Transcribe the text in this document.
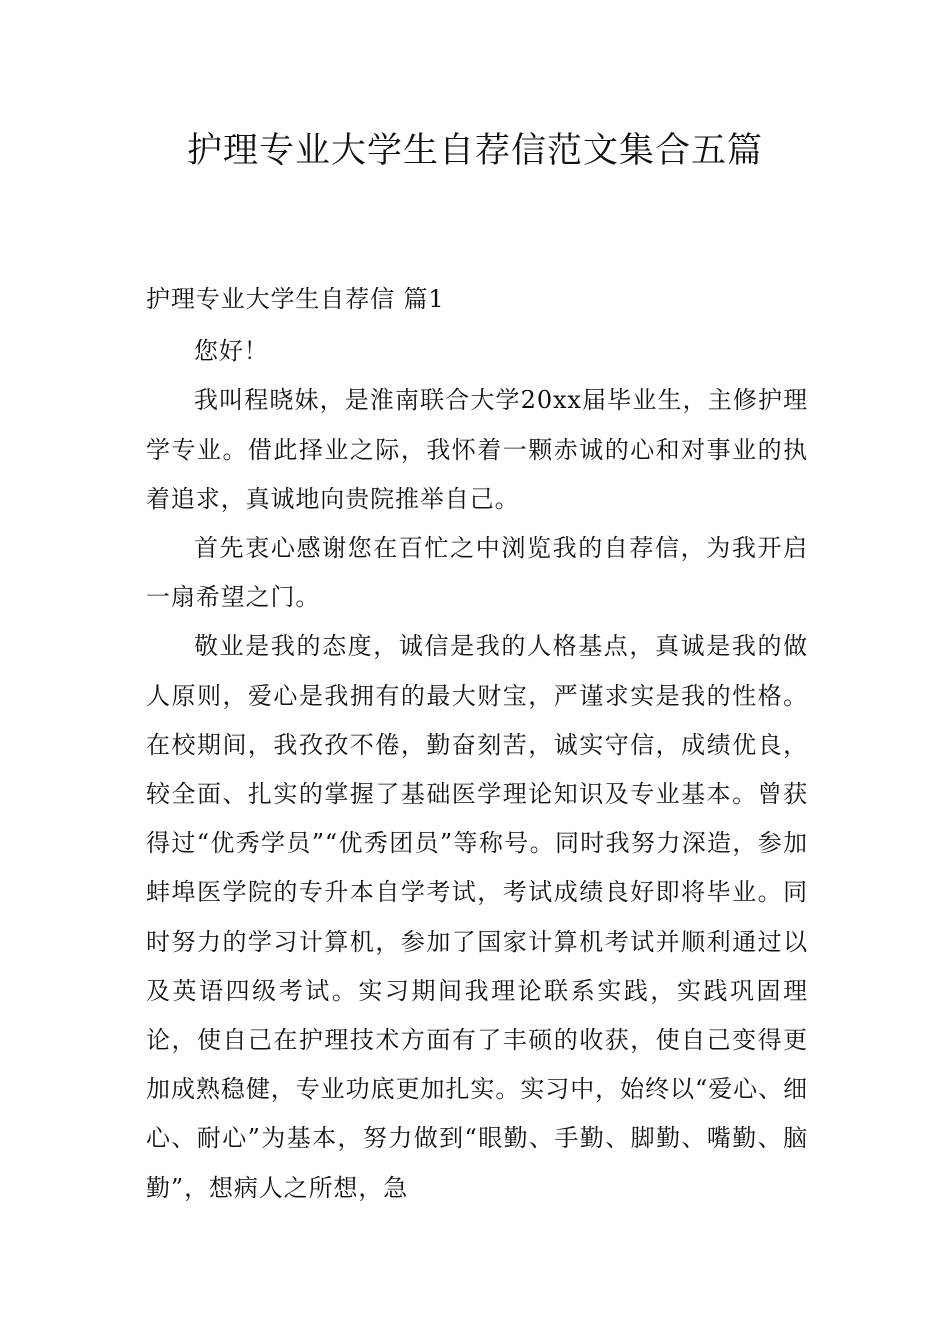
护理专业大学生自荐信范文集合五篇

护理专业大学生自荐信 篇1

您好！

我叫程晓妹，是淮南联合大学20xx届毕业生，主修护理学专业。借此择业之际，我怀着一颗赤诚的心和对事业的执着追求，真诚地向贵院推举自己。

首先衷心感谢您在百忙之中浏览我的自荐信，为我开启一扇希望之门。

敬业是我的态度，诚信是我的人格基点，真诚是我的做人原则，爱心是我拥有的最大财宝，严谨求实是我的性格。在校期间，我孜孜不倦，勤奋刻苦，诚实守信，成绩优良，较全面、扎实的掌握了基础医学理论知识及专业基本。曾获得过“优秀学员”“优秀团员”等称号。同时我努力深造，参加蚌埠医学院的专升本自学考试，考试成绩良好即将毕业。同时努力的学习计算机，参加了国家计算机考试并顺利通过以及英语四级考试。实习期间我理论联系实践，实践巩固理论，使自己在护理技术方面有了丰硕的收获，使自己变得更加成熟稳健，专业功底更加扎实。实习中，始终以“爱心、细心、耐心”为基本，努力做到“眼勤、手勤、脚勤、嘴勤、脑勤”，想病人之所想，急
